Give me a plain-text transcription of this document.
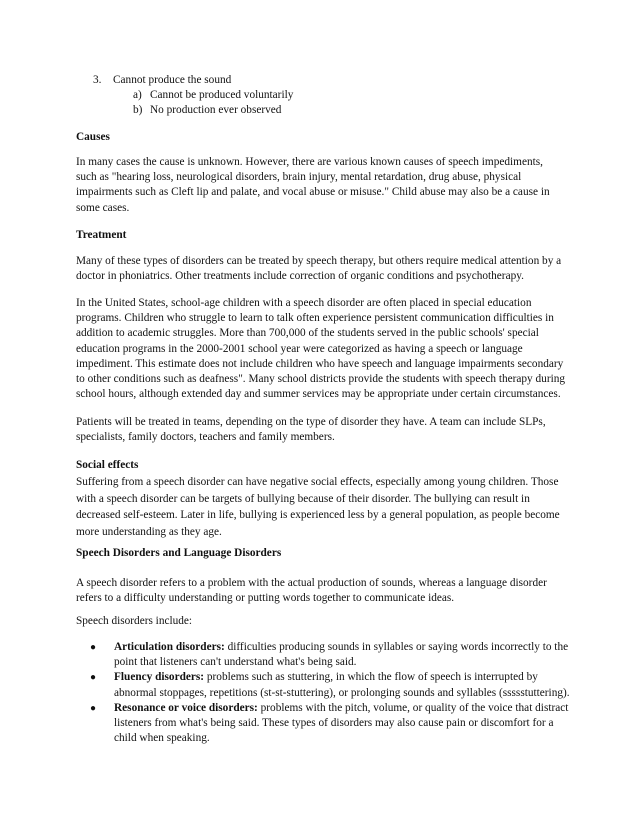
3. Cannot produce the sound
a) Cannot be produced voluntarily
b) No production ever observed

Causes

In many cases the cause is unknown. However, there are various known causes of speech impediments, such as "hearing loss, neurological disorders, brain injury, mental retardation, drug abuse, physical impairments such as Cleft lip and palate, and vocal abuse or misuse." Child abuse may also be a cause in some cases.

Treatment

Many of these types of disorders can be treated by speech therapy, but others require medical attention by a doctor in phoniatrics. Other treatments include correction of organic conditions and psychotherapy.

In the United States, school-age children with a speech disorder are often placed in special education programs. Children who struggle to learn to talk often experience persistent communication difficulties in addition to academic struggles. More than 700,000 of the students served in the public schools' special education programs in the 2000-2001 school year were categorized as having a speech or language impediment. This estimate does not include children who have speech and language impairments secondary to other conditions such as deafness". Many school districts provide the students with speech therapy during school hours, although extended day and summer services may be appropriate under certain circumstances.

Patients will be treated in teams, depending on the type of disorder they have. A team can include SLPs, specialists, family doctors, teachers and family members.

Social effects

Suffering from a speech disorder can have negative social effects, especially among young children. Those with a speech disorder can be targets of bullying because of their disorder. The bullying can result in decreased self-esteem. Later in life, bullying is experienced less by a general population, as people become more understanding as they age.

Speech Disorders and Language Disorders

A speech disorder refers to a problem with the actual production of sounds, whereas a language disorder refers to a difficulty understanding or putting words together to communicate ideas.

Speech disorders include:

● Articulation disorders: difficulties producing sounds in syllables or saying words incorrectly to the point that listeners can't understand what's being said.

● Fluency disorders: problems such as stuttering, in which the flow of speech is interrupted by abnormal stoppages, repetitions (st-st-stuttering), or prolonging sounds and syllables (ssssstuttering).

● Resonance or voice disorders: problems with the pitch, volume, or quality of the voice that distract listeners from what's being said. These types of disorders may also cause pain or discomfort for a child when speaking.
